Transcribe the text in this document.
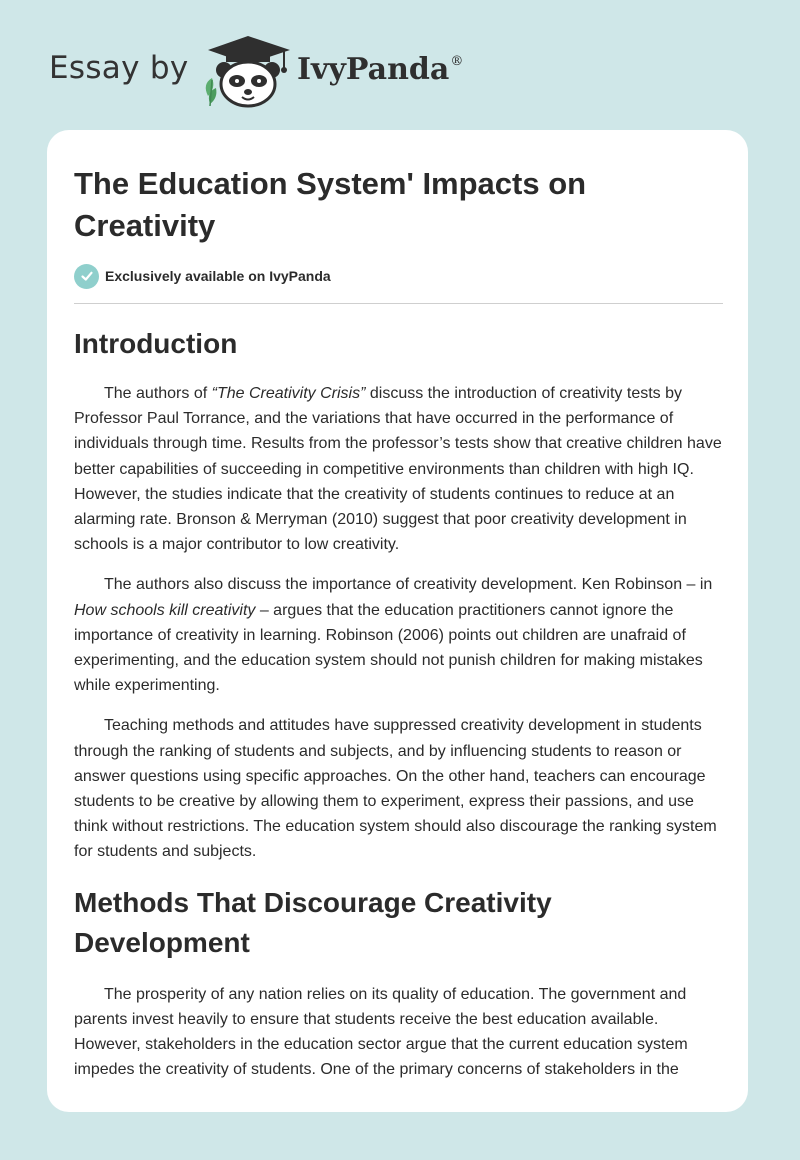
Essay by	IvyPanda®
The Education System' Impacts on Creativity
Exclusively available on IvyPanda
Introduction

The authors of “The Creativity Crisis” discuss the introduction of creativity tests by Professor Paul Torrance, and the variations that have occurred in the performance of individuals through time. Results from the professor’s tests show that creative children have better capabilities of succeeding in competitive environments than children with high IQ. However, the studies indicate that the creativity of students continues to reduce at an alarming rate. Bronson & Merryman (2010) suggest that poor creativity development in schools is a major contributor to low creativity.

The authors also discuss the importance of creativity development. Ken Robinson – in How schools kill creativity – argues that the education practitioners cannot ignore the importance of creativity in learning. Robinson (2006) points out children are unafraid of experimenting, and the education system should not punish children for making mistakes while experimenting.

Teaching methods and attitudes have suppressed creativity development in students through the ranking of students and subjects, and by influencing students to reason or answer questions using specific approaches. On the other hand, teachers can encourage students to be creative by allowing them to experiment, express their passions, and use think without restrictions. The education system should also discourage the ranking system for students and subjects.

Methods That Discourage Creativity Development

The prosperity of any nation relies on its quality of education. The government and parents invest heavily to ensure that students receive the best education available. However, stakeholders in the education sector argue that the current education system impedes the creativity of students. One of the primary concerns of stakeholders in the
